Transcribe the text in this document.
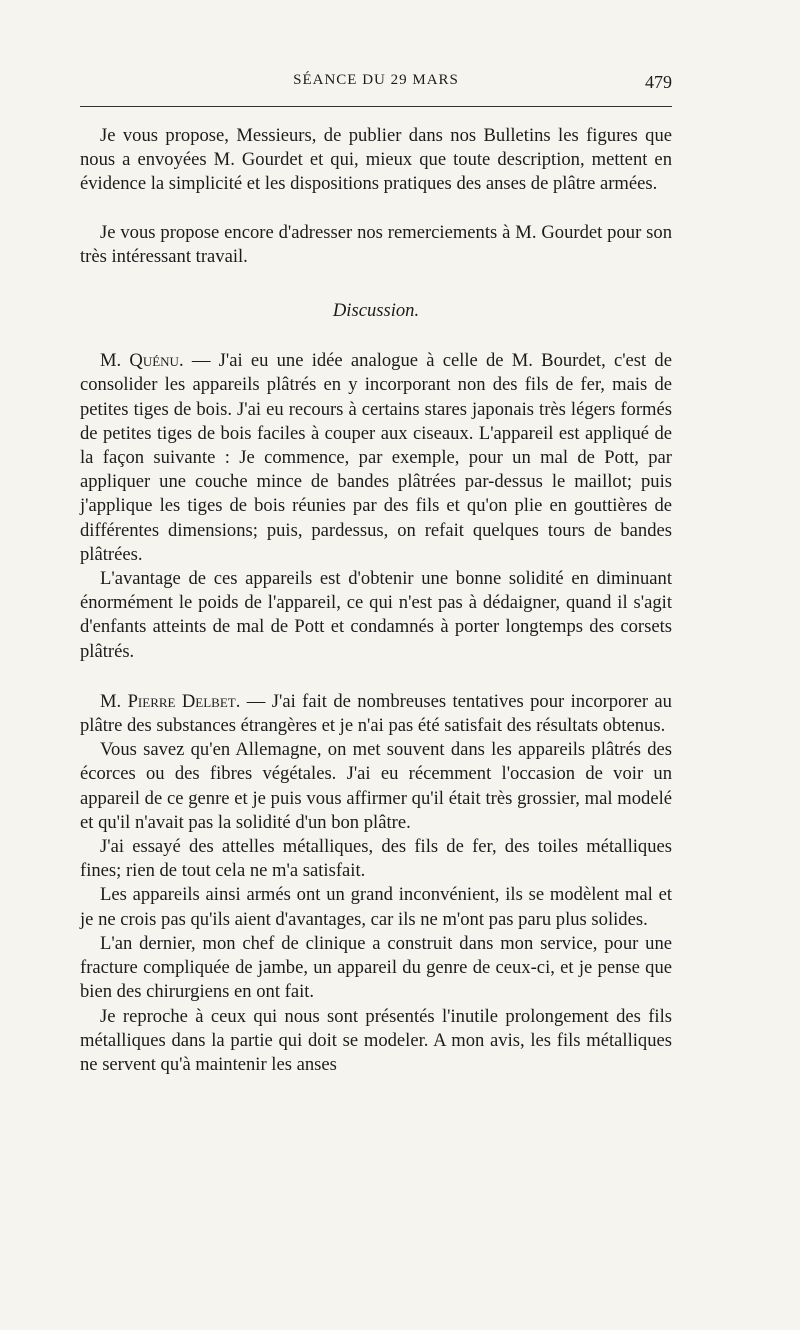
SÉANCE DU 29 MARS	479

Je vous propose, Messieurs, de publier dans nos Bulletins les figures que nous a envoyées M. Gourdet et qui, mieux que toute description, mettent en évidence la simplicité et les dispositions pratiques des anses de plâtre armées.

Je vous propose encore d'adresser nos remerciements à M. Gourdet pour son très intéressant travail.

Discussion.

M. Quénu. — J'ai eu une idée analogue à celle de M. Bourdet, c'est de consolider les appareils plâtrés en y incorporant non des fils de fer, mais de petites tiges de bois. J'ai eu recours à certains stares japonais très légers formés de petites tiges de bois faciles à couper aux ciseaux. L'appareil est appliqué de la façon suivante : Je commence, par exemple, pour un mal de Pott, par appliquer une couche mince de bandes plâtrées par-dessus le maillot; puis j'applique les tiges de bois réunies par des fils et qu'on plie en gouttières de différentes dimensions; puis, pardessus, on refait quelques tours de bandes plâtrées.

L'avantage de ces appareils est d'obtenir une bonne solidité en diminuant énormément le poids de l'appareil, ce qui n'est pas à dédaigner, quand il s'agit d'enfants atteints de mal de Pott et condamnés à porter longtemps des corsets plâtrés.

M. Pierre Delbet. — J'ai fait de nombreuses tentatives pour incorporer au plâtre des substances étrangères et je n'ai pas été satisfait des résultats obtenus.

Vous savez qu'en Allemagne, on met souvent dans les appareils plâtrés des écorces ou des fibres végétales. J'ai eu récemment l'occasion de voir un appareil de ce genre et je puis vous affirmer qu'il était très grossier, mal modelé et qu'il n'avait pas la solidité d'un bon plâtre.

J'ai essayé des attelles métalliques, des fils de fer, des toiles métalliques fines; rien de tout cela ne m'a satisfait.

Les appareils ainsi armés ont un grand inconvénient, ils se modèlent mal et je ne crois pas qu'ils aient d'avantages, car ils ne m'ont pas paru plus solides.

L'an dernier, mon chef de clinique a construit dans mon service, pour une fracture compliquée de jambe, un appareil du genre de ceux-ci, et je pense que bien des chirurgiens en ont fait.

Je reproche à ceux qui nous sont présentés l'inutile prolongement des fils métalliques dans la partie qui doit se modeler. A mon avis, les fils métalliques ne servent qu'à maintenir les anses
